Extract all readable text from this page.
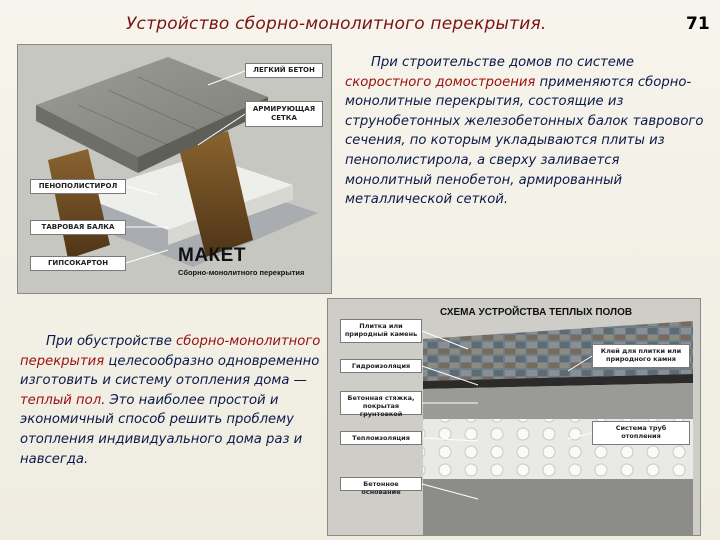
Устройство сборно-монолитного перекрытия.	71
ЛЕГКИЙ БЕТОН
АРМИРУЮЩАЯ СЕТКА
ПЕНОПОЛИСТИРОЛ
ТАВРОВАЯ БАЛКА
ГИПСОКАРТОН	МАКЕТ
Сборно-монолитного перекрытия
При строительстве домов по системе скоростного домостроения применяются сборно-монолитные перекрытия, состоящие из струнобетонных железобетонных балок таврового сечения, по которым укладываются плиты из пенополистирола, а сверху заливается монолитный пенобетон, армированный металлической сеткой.
При обустройстве сборно-монолитного перекрытия целесообразно одновременно изготовить и систему отопления дома — теплый пол. Это наиболее простой и экономичный способ решить проблему отопления индивидуального дома раз и навсегда.
СХЕМА УСТРОЙСТВА ТЕПЛЫХ ПОЛОВ
Плитка или природный камень
Гидроизоляция
Бетонная стяжка, покрытая грунтовкой
Теплоизоляция
Бетонное основание
Клей для плитки или природного камня
Система труб отопления
